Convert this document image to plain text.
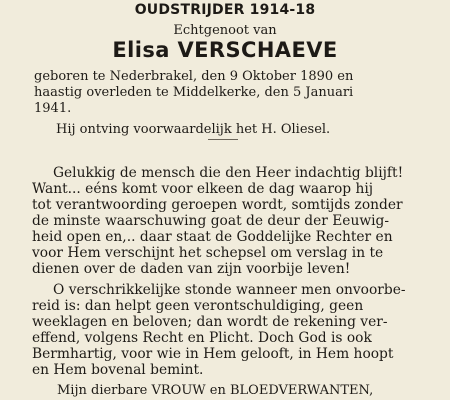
OUDSTRIJDER 1914-18
Echtgenoot van
Elisa VERSCHAEVE
geboren te Nederbrakel, den 9 Oktober 1890 en
haastig overleden te Middelkerke, den 5 Januari
1941.
Hij ontving voorwaardelijk het H. Oliesel.
Gelukkig de mensch die den Heer indachtig blijft!
Want... eéns komt voor elkeen de dag waarop hij
tot verantwoording geroepen wordt, somtijds zonder
de minste waarschuwing goat de deur der Eeuwig-
heid open en,.. daar staat de Goddelijke Rechter en
voor Hem verschijnt het schepsel om verslag in te
dienen over de daden van zijn voorbije leven!
O verschrikkelijke stonde wanneer men onvoorbe-
reid is: dan helpt geen verontschuldiging, geen
weeklagen en beloven; dan wordt de rekening ver-
effend, volgens Recht en Plicht. Doch God is ook
Bermhartig, voor wie in Hem gelooft, in Hem hoopt
en Hem bovenal bemint.
Mijn dierbare VROUW en BLOEDVERWANTEN,
